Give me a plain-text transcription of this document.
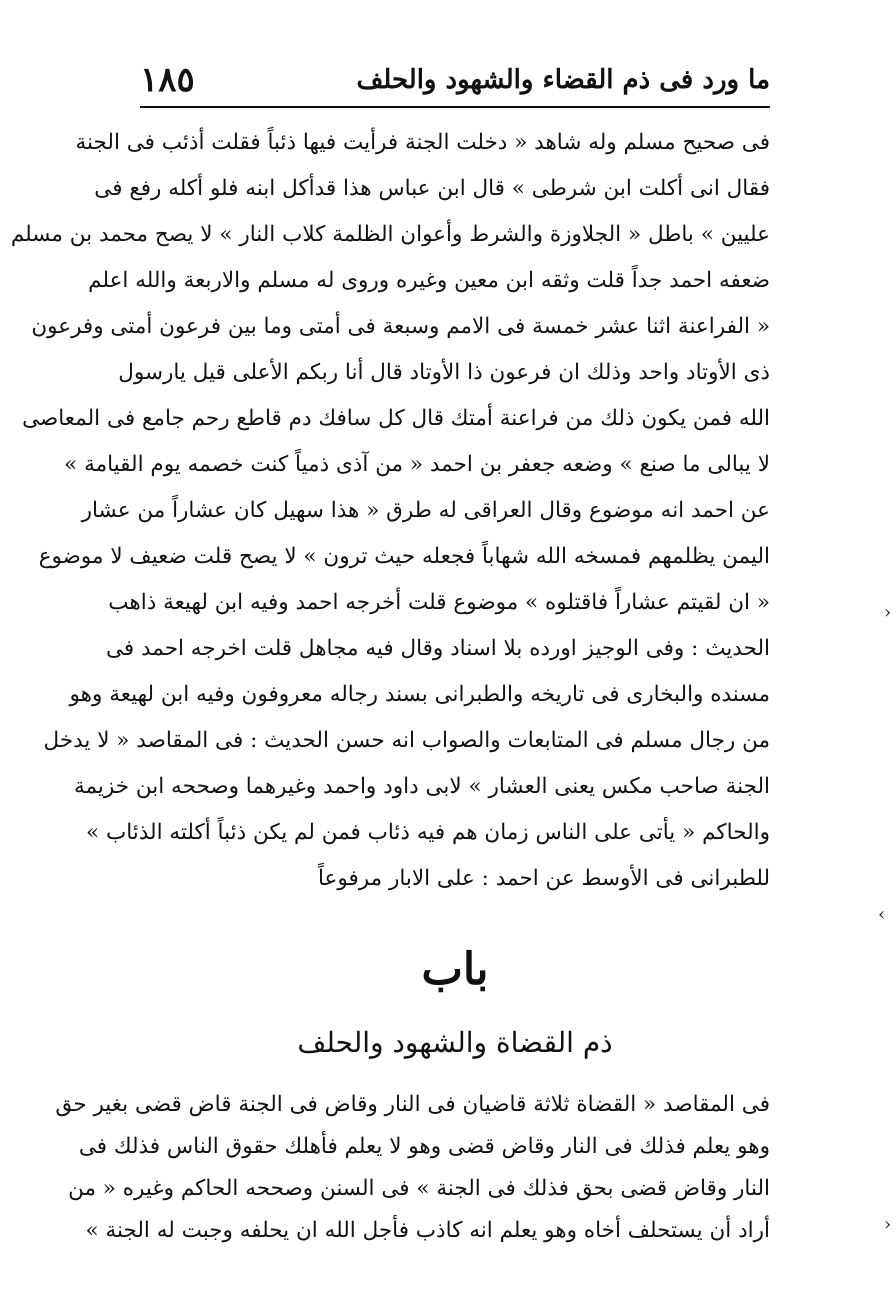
ما ورد فى ذم القضاء والشهود والحلف
١٨٥
فى صحيح مسلم وله شاهد « دخلت الجنة فرأيت فيها ذئباً فقلت أذئب فى الجنة
فقال انى أكلت ابن شرطى » قال ابن عباس هذا قدأكل ابنه فلو أكله رفع فى
عليين » باطل « الجلاوزة والشرط وأعوان الظلمة كلاب النار » لا يصح محمد بن مسلم
ضعفه احمد جداً قلت وثقه ابن معين وغيره وروى له مسلم والاربعة والله اعلم
« الفراعنة اثنا عشر خمسة فى الامم وسبعة فى أمتى وما بين فرعون أمتى وفرعون
ذى الأوتاد واحد وذلك ان فرعون ذا الأوتاد قال أنا ربكم الأعلى قيل يارسول
الله فمن يكون ذلك من فراعنة أمتك قال كل سافك دم قاطع رحم جامع فى المعاصى
لا يبالى ما صنع » وضعه جعفر بن احمد « من آذى ذمياً كنت خصمه يوم القيامة »
عن احمد انه موضوع وقال العراقى له طرق « هذا سهيل كان عشاراً من عشار
اليمن يظلمهم فمسخه الله شهاباً فجعله حيث ترون » لا يصح قلت ضعيف لا موضوع
« ان لقيتم عشاراً فاقتلوه » موضوع قلت أخرجه احمد وفيه ابن لهيعة ذاهب
الحديث : وفى الوجيز اورده بلا اسناد وقال فيه مجاهل قلت اخرجه احمد فى
مسنده والبخارى فى تاريخه والطبرانى بسند رجاله معروفون وفيه ابن لهيعة وهو
من رجال مسلم فى المتابعات والصواب انه حسن الحديث : فى المقاصد « لا يدخل
الجنة صاحب مكس يعنى العشار » لابى داود واحمد وغيرهما وصححه ابن خزيمة
والحاكم « يأتى على الناس زمان هم فيه ذئاب فمن لم يكن ذئباً أكلته الذئاب »
للطبرانى فى الأوسط عن احمد : على الابار مرفوعاً
باب
ذم القضاة والشهود والحلف
فى المقاصد « القضاة ثلاثة قاضيان فى النار وقاض فى الجنة قاض قضى بغير حق
وهو يعلم فذلك فى النار وقاض قضى وهو لا يعلم فأهلك حقوق الناس فذلك فى
النار وقاض قضى بحق فذلك فى الجنة » فى السنن وصححه الحاكم وغيره « من
أراد أن يستحلف أخاه وهو يعلم انه كاذب فأجل الله ان يحلفه وجبت له الجنة »
›
‹
›
